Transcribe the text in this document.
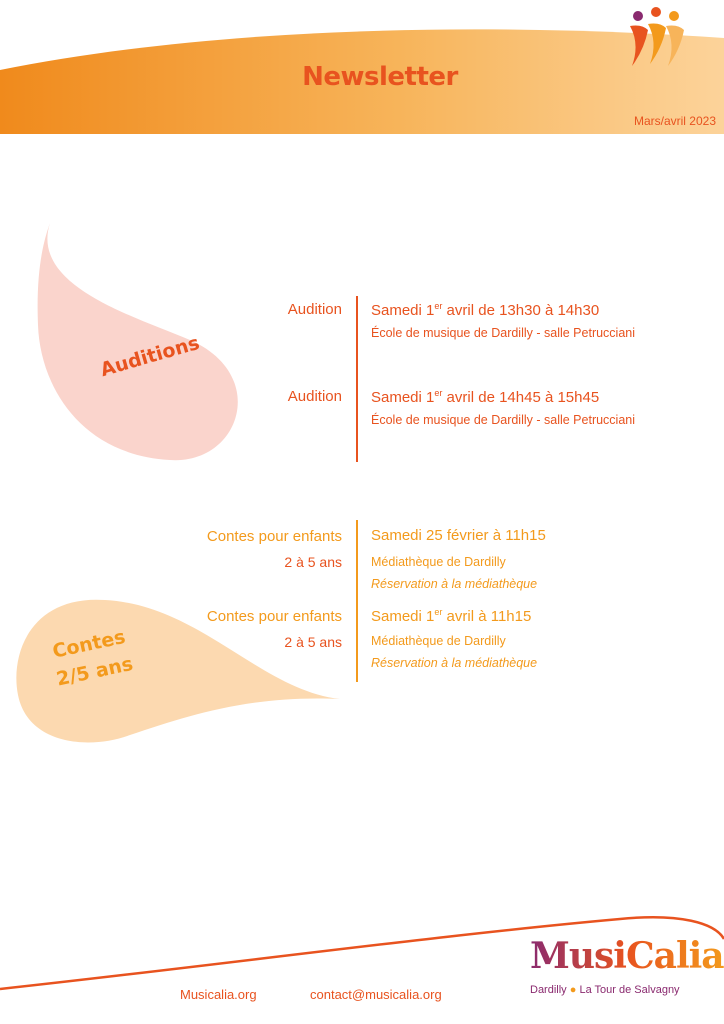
Newsletter
Mars/avril 2023
Auditions
Contes
2/5 ans
Audition Samedi 1er avril de 13h30 à 14h30
École de musique de Dardilly - salle Petrucciani
Audition Samedi 1er avril de 14h45 à 15h45
École de musique de Dardilly - salle Petrucciani
Contes pour enfants
2 à 5 ans
Samedi 25 février à 11h15
Médiathèque de Dardilly
Réservation à la médiathèque
Contes pour enfants
2 à 5 ans
Samedi 1er avril à 11h15
Médiathèque de Dardilly
Réservation à la médiathèque
MusiCalia
Dardilly ● La Tour de Salvagny
Musicalia.org	contact@musicalia.org
